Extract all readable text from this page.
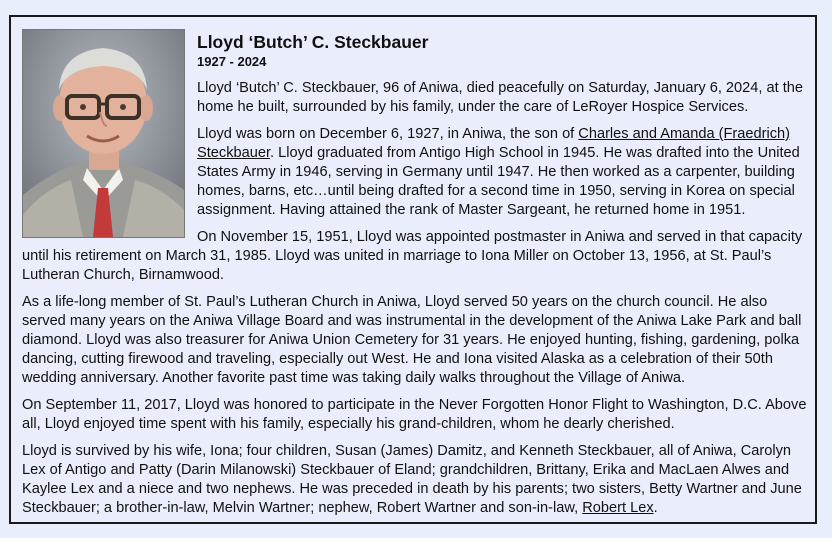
Lloyd ‘Butch’ C. Steckbauer
1927 - 2024

Lloyd ‘Butch’ C. Steckbauer, 96 of Aniwa, died peacefully on Saturday, January 6, 2024, at the home he built, surrounded by his family, under the care of LeRoyer Hospice Services.

Lloyd was born on December 6, 1927, in Aniwa, the son of Charles and Amanda (Fraedrich) Steckbauer. Lloyd graduated from Antigo High School in 1945. He was drafted into the United States Army in 1946, serving in Germany until 1947. He then worked as a carpenter, building homes, barns, etc…until being drafted for a second time in 1950, serving in Korea on special assignment. Having attained the rank of Master Sargeant, he returned home in 1951.

On November 15, 1951, Lloyd was appointed postmaster in Aniwa and served in that capacity until his retirement on March 31, 1985. Lloyd was united in marriage to Iona Miller on October 13, 1956, at St. Paul’s Lutheran Church, Birnamwood.

As a life-long member of St. Paul’s Lutheran Church in Aniwa, Lloyd served 50 years on the church council. He also served many years on the Aniwa Village Board and was instrumental in the development of the Aniwa Lake Park and ball diamond. Lloyd was also treasurer for Aniwa Union Cemetery for 31 years. He enjoyed hunting, fishing, gardening, polka dancing, cutting firewood and traveling, especially out West. He and Iona visited Alaska as a celebration of their 50th wedding anniversary. Another favorite past time was taking daily walks throughout the Village of Aniwa.

On September 11, 2017, Lloyd was honored to participate in the Never Forgotten Honor Flight to Washington, D.C. Above all, Lloyd enjoyed time spent with his family, especially his grand-children, whom he dearly cherished.

Lloyd is survived by his wife, Iona; four children, Susan (James) Damitz, and Kenneth Steckbauer, all of Aniwa, Carolyn Lex of Antigo and Patty (Darin Milanowski) Steckbauer of Eland; grandchildren, Brittany, Erika and MacLaen Alwes and Kaylee Lex and a niece and two nephews. He was preceded in death by his parents; two sisters, Betty Wartner and June Steckbauer; a brother-in-law, Melvin Wartner; nephew, Robert Wartner and son-in-law, Robert Lex.
